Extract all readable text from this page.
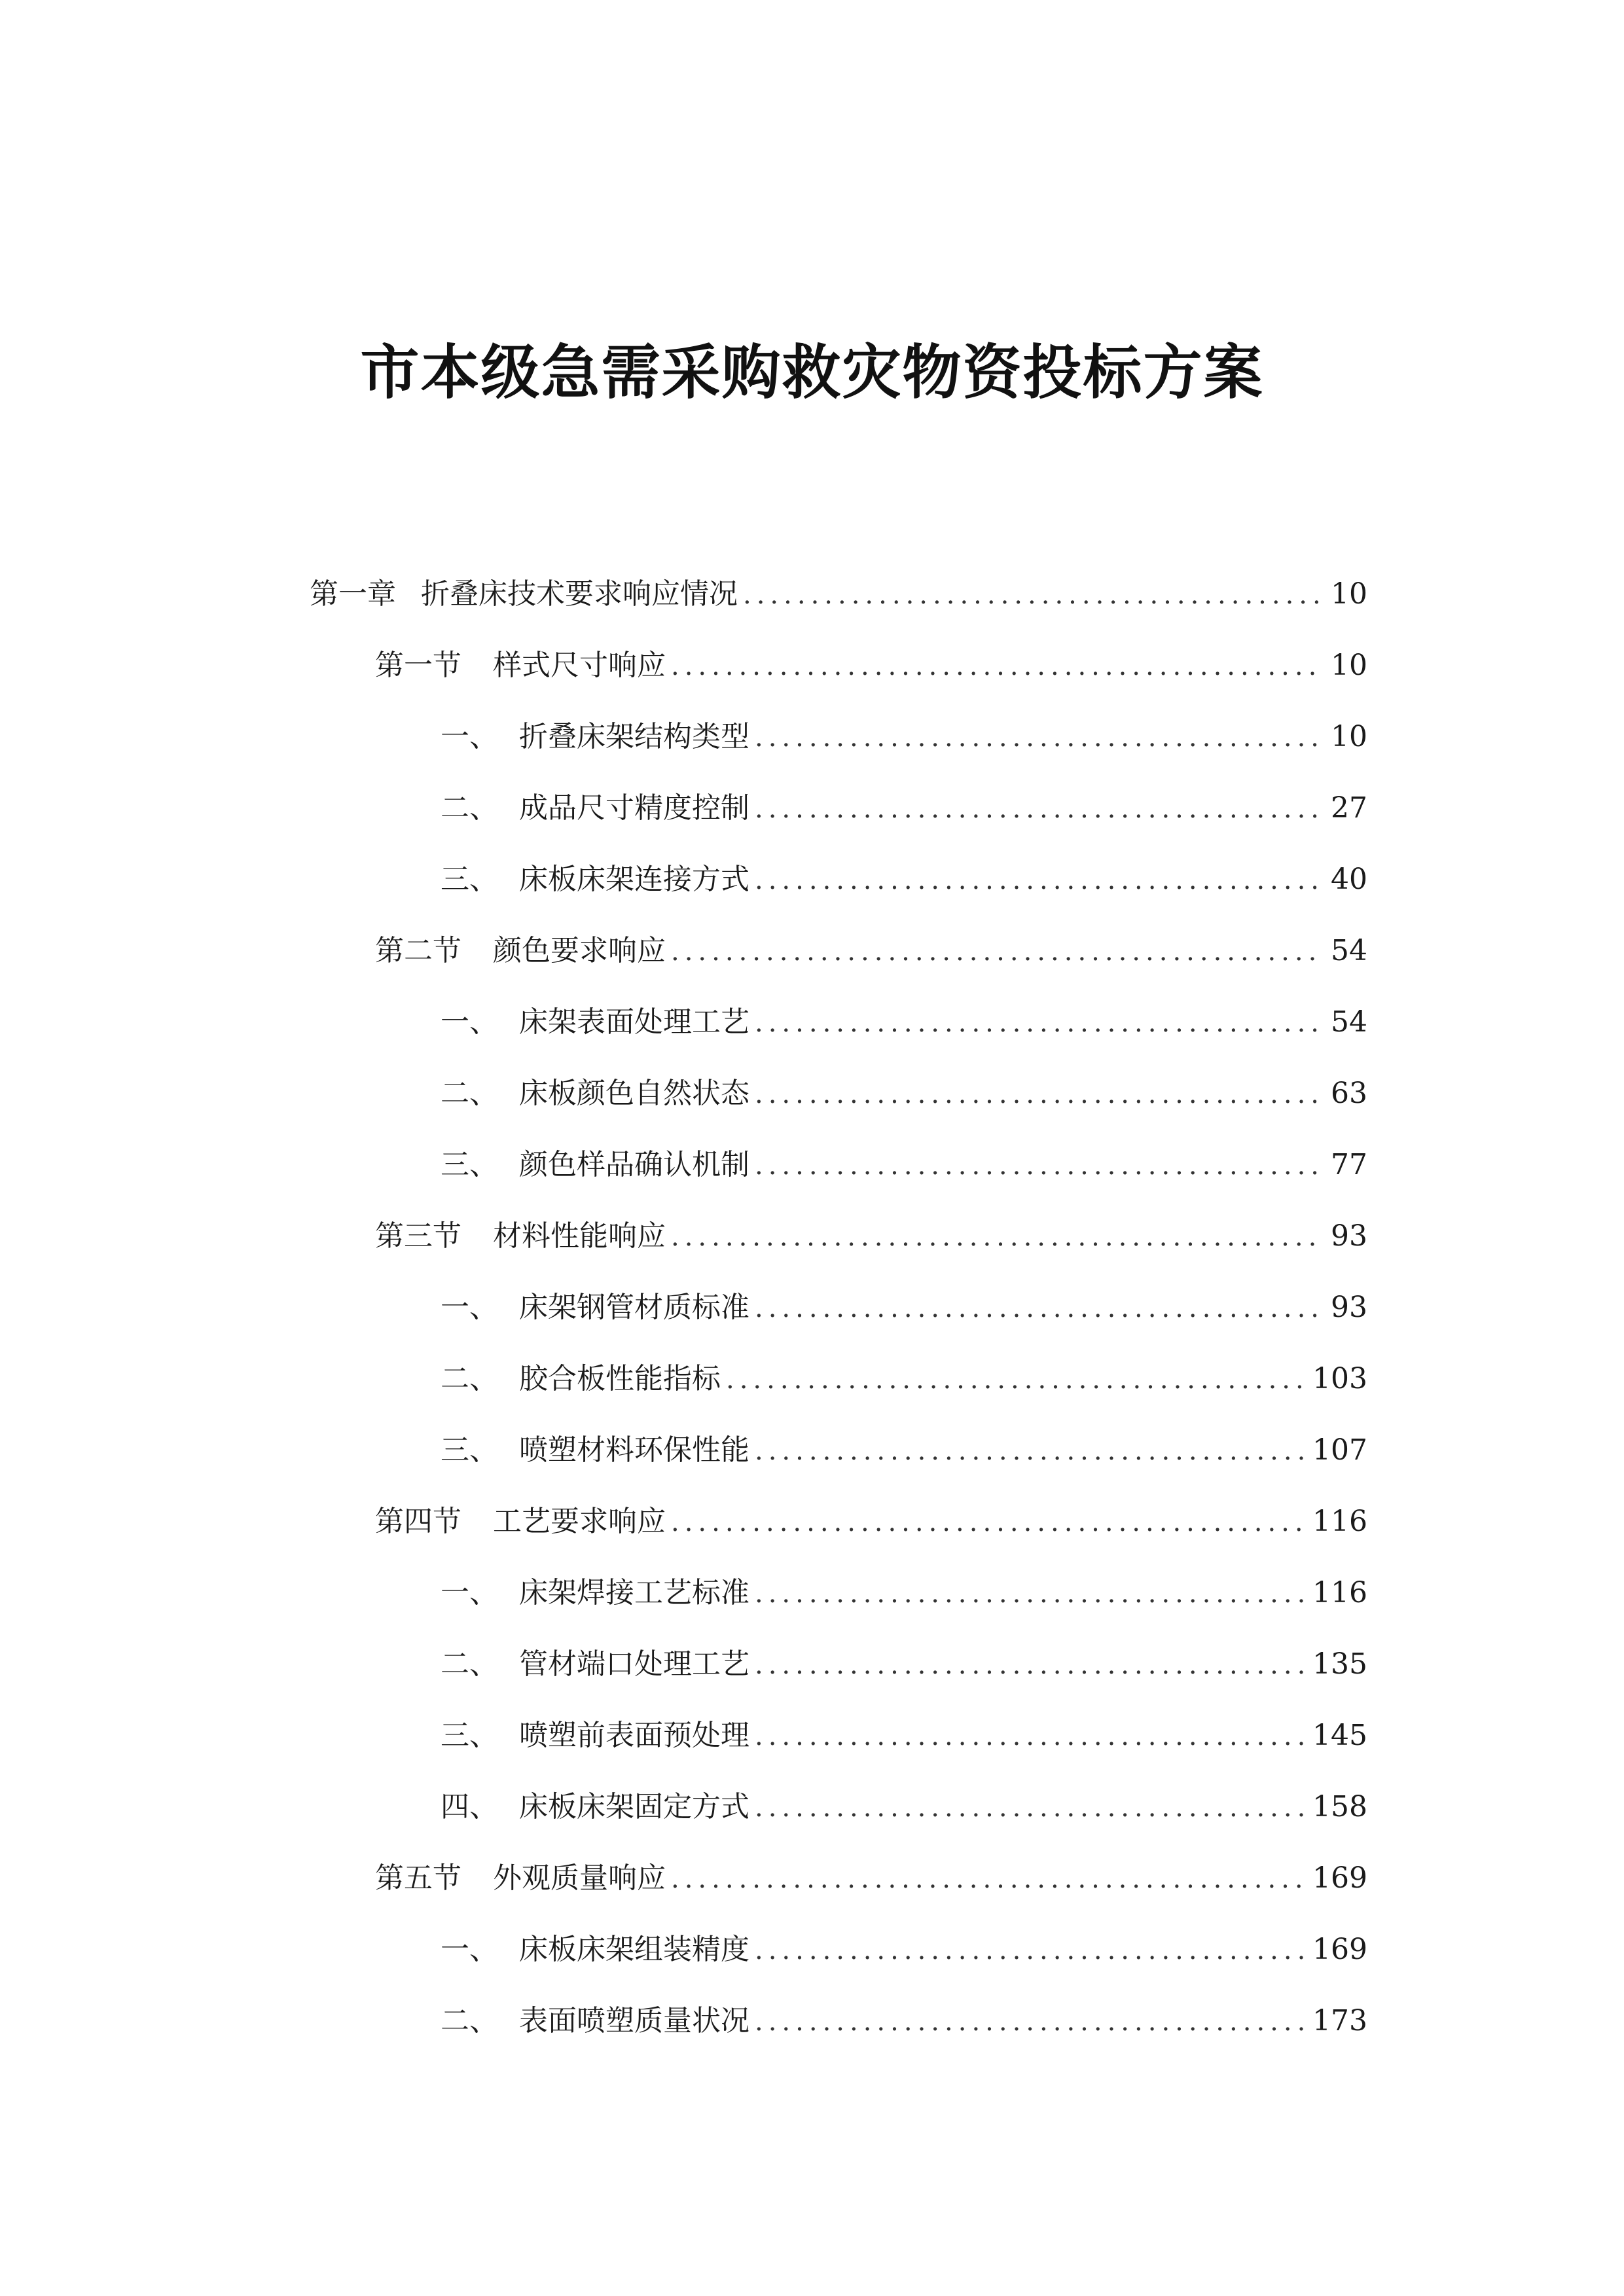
市本级急需采购救灾物资投标方案
第一章 折叠床技术要求响应情况 .....	10
第一节	样式尺寸响应 .....	10
一、 折叠床架结构类型 .....	10
二、 成品尺寸精度控制 .....	27
三、 床板床架连接方式 .....	40
第二节	颜色要求响应 .....	54
一、 床架表面处理工艺 .....	54
二、 床板颜色自然状态 .....	63
三、 颜色样品确认机制 .....	77
第三节	材料性能响应 .....	93
一、 床架钢管材质标准 .....	93
二、 胶合板性能指标 .....	103
三、 喷塑材料环保性能 .....	107
第四节	工艺要求响应 .....	116
一、 床架焊接工艺标准 .....	116
二、 管材端口处理工艺 .....	135
三、 喷塑前表面预处理 .....	145
四、 床板床架固定方式 .....	158
第五节	外观质量响应 .....	169
一、 床板床架组装精度 .....	169
二、 表面喷塑质量状况 .....	173
